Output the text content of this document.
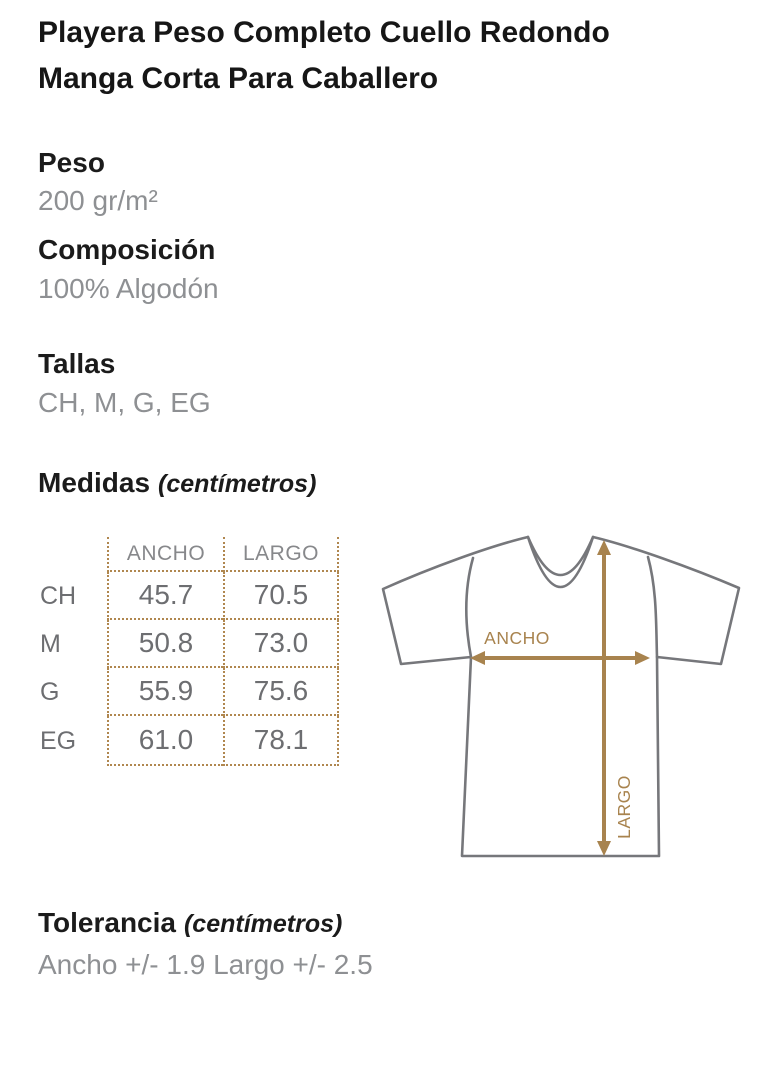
Playera Peso Completo Cuello Redondo
Manga Corta Para Caballero
Peso
200 gr/m²
Composición
100% Algodón
Tallas
CH, M, G, EG
Medidas (centímetros)
ANCHO	LARGO
CH	45.7	70.5
M	50.8	73.0
G	55.9	75.6
EG	61.0	78.1
ANCHO
LARGO
Tolerancia (centímetros)
Ancho +/- 1.9 Largo +/- 2.5
